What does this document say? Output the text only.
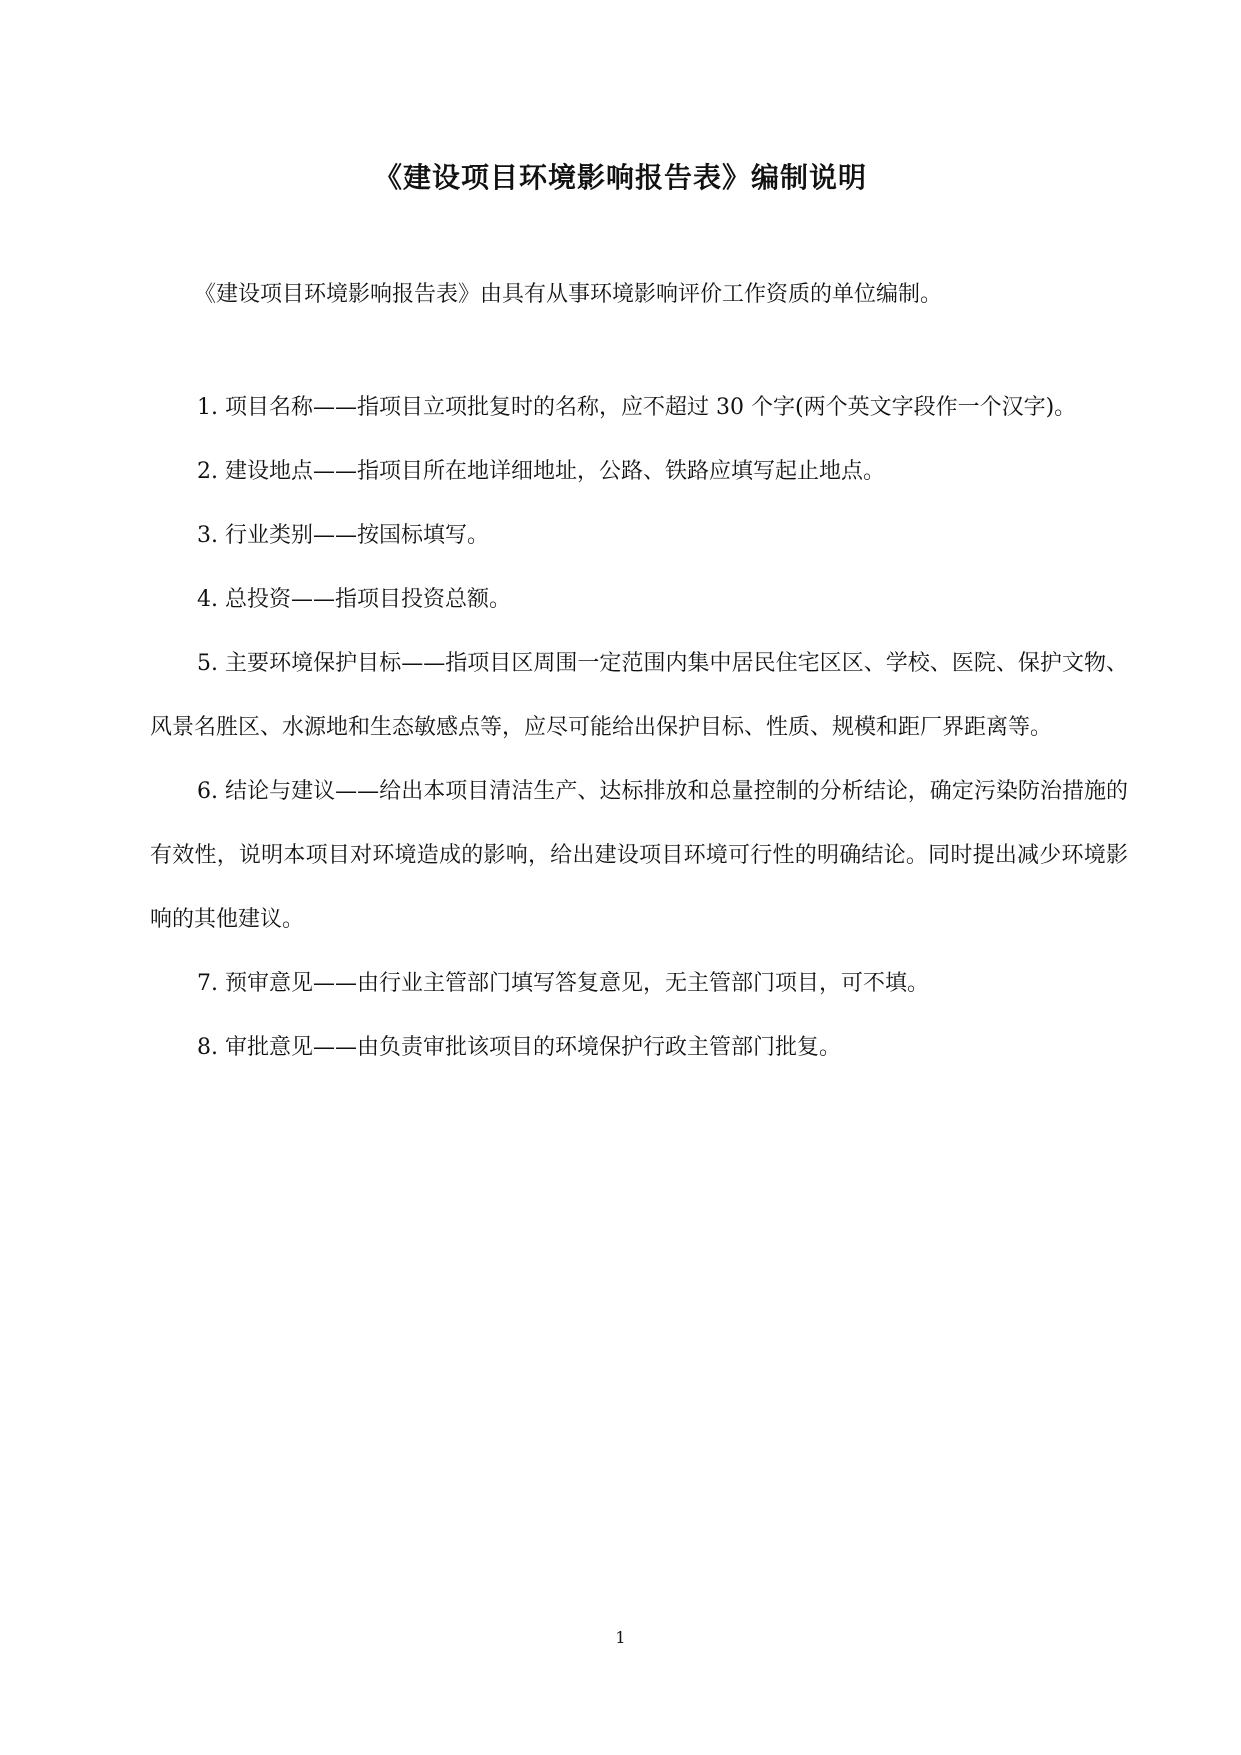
《建设项目环境影响报告表》编制说明

《建设项目环境影响报告表》由具有从事环境影响评价工作资质的单位编制。

1. 项目名称——指项目立项批复时的名称，应不超过 30 个字(两个英文字段作一个汉字)。

2. 建设地点——指项目所在地详细地址，公路、铁路应填写起止地点。

3. 行业类别——按国标填写。

4. 总投资——指项目投资总额。

5. 主要环境保护目标——指项目区周围一定范围内集中居民住宅区区、学校、医院、保护文物、风景名胜区、水源地和生态敏感点等，应尽可能给出保护目标、性质、规模和距厂界距离等。

6. 结论与建议——给出本项目清洁生产、达标排放和总量控制的分析结论，确定污染防治措施的有效性，说明本项目对环境造成的影响，给出建设项目环境可行性的明确结论。同时提出减少环境影响的其他建议。

7. 预审意见——由行业主管部门填写答复意见，无主管部门项目，可不填。

8. 审批意见——由负责审批该项目的环境保护行政主管部门批复。

1
